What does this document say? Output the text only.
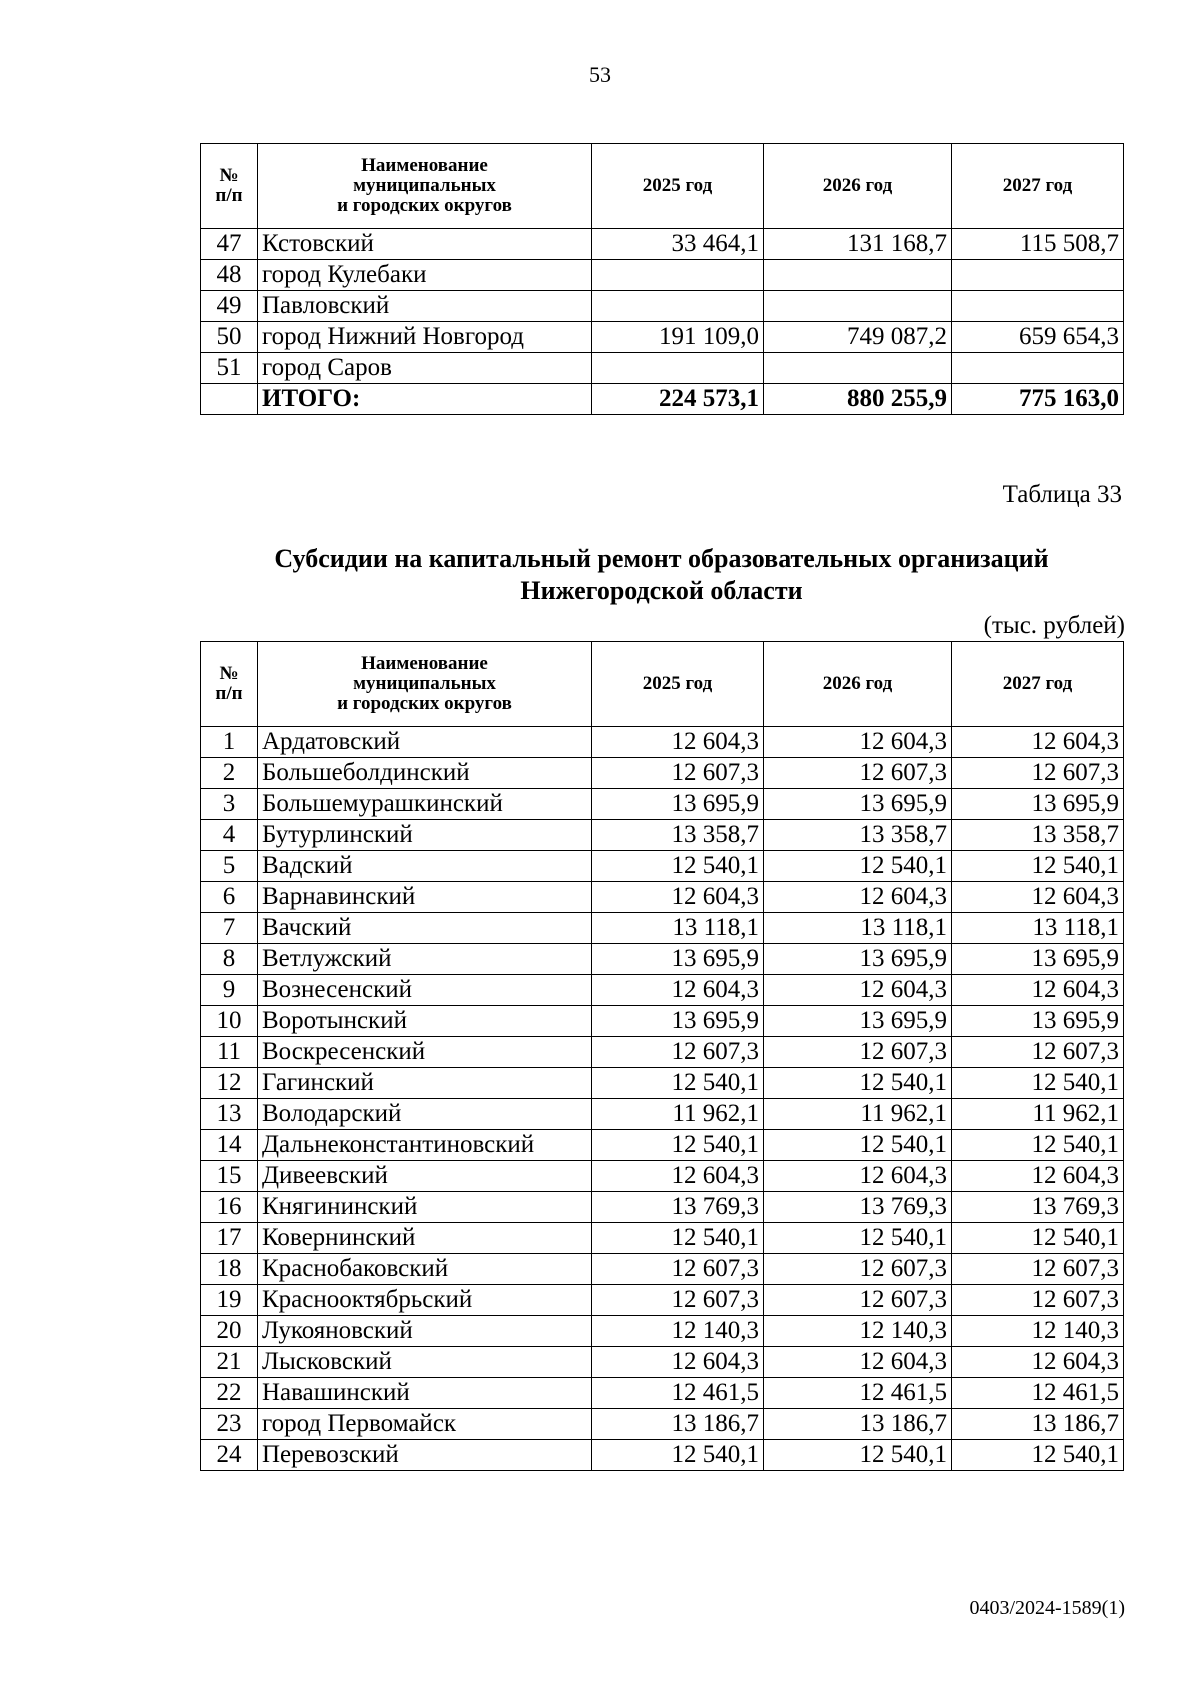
53
№
п/п	Наименование
муниципальных
и городских округов	2025 год	2026 год	2027 год
47	Кстовский	33 464,1	131 168,7	115 508,7
48	город Кулебаки			
49	Павловский			
50	город Нижний Новгород	191 109,0	749 087,2	659 654,3
51	город Саров			
	ИТОГО:	224 573,1	880 255,9	775 163,0
Таблица 33
Субсидии на капитальный ремонт образовательных организаций
Нижегородской области
(тыс. рублей)
№
п/п	Наименование
муниципальных
и городских округов	2025 год	2026 год	2027 год
1	Ардатовский	12 604,3	12 604,3	12 604,3
2	Большеболдинский	12 607,3	12 607,3	12 607,3
3	Большемурашкинский	13 695,9	13 695,9	13 695,9
4	Бутурлинский	13 358,7	13 358,7	13 358,7
5	Вадский	12 540,1	12 540,1	12 540,1
6	Варнавинский	12 604,3	12 604,3	12 604,3
7	Вачский	13 118,1	13 118,1	13 118,1
8	Ветлужский	13 695,9	13 695,9	13 695,9
9	Вознесенский	12 604,3	12 604,3	12 604,3
10	Воротынский	13 695,9	13 695,9	13 695,9
11	Воскресенский	12 607,3	12 607,3	12 607,3
12	Гагинский	12 540,1	12 540,1	12 540,1
13	Володарский	11 962,1	11 962,1	11 962,1
14	Дальнеконстантиновский	12 540,1	12 540,1	12 540,1
15	Дивеевский	12 604,3	12 604,3	12 604,3
16	Княгининский	13 769,3	13 769,3	13 769,3
17	Ковернинский	12 540,1	12 540,1	12 540,1
18	Краснобаковский	12 607,3	12 607,3	12 607,3
19	Краснооктябрьский	12 607,3	12 607,3	12 607,3
20	Лукояновский	12 140,3	12 140,3	12 140,3
21	Лысковский	12 604,3	12 604,3	12 604,3
22	Навашинский	12 461,5	12 461,5	12 461,5
23	город Первомайск	13 186,7	13 186,7	13 186,7
24	Перевозский	12 540,1	12 540,1	12 540,1
0403/2024-1589(1)
